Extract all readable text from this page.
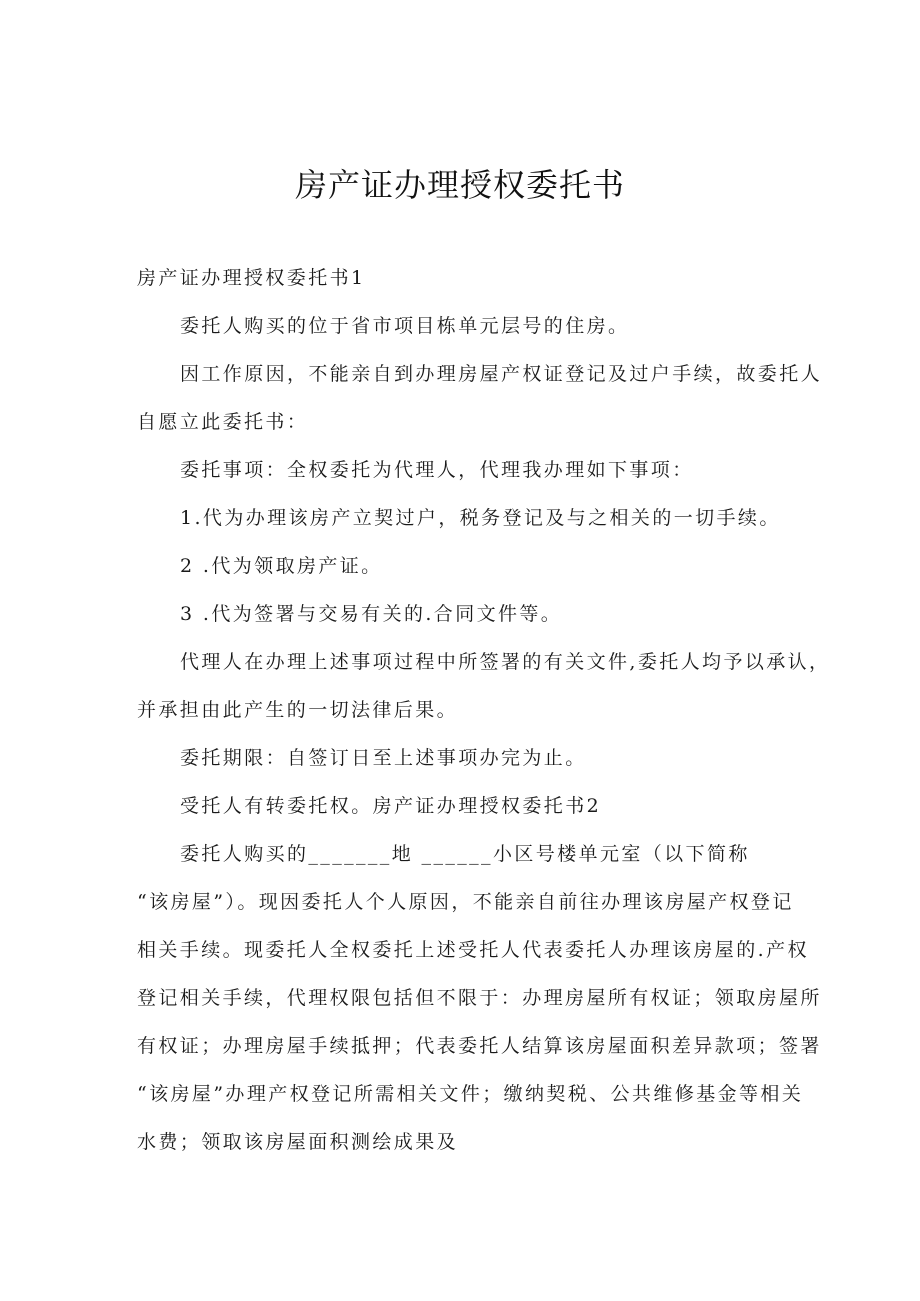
房产证办理授权委托书
房产证办理授权委托书1
委托人购买的位于省市项目栋单元层号的住房。
因工作原因，不能亲自到办理房屋产权证登记及过户手续，故委托人
自愿立此委托书：
委托事项：全权委托为代理人，代理我办理如下事项：
1.代为办理该房产立契过户，税务登记及与之相关的一切手续。
2 .代为领取房产证。
3 .代为签署与交易有关的.合同文件等。
代理人在办理上述事项过程中所签署的有关文件,委托人均予以承认，
并承担由此产生的一切法律后果。
委托期限：自签订日至上述事项办完为止。
受托人有转委托权。房产证办理授权委托书2
委托人购买的_______地 ______小区号楼单元室（以下简称
“该房屋”）。现因委托人个人原因，不能亲自前往办理该房屋产权登记
相关手续。现委托人全权委托上述受托人代表委托人办理该房屋的.产权
登记相关手续，代理权限包括但不限于：办理房屋所有权证；领取房屋所
有权证；办理房屋手续抵押；代表委托人结算该房屋面积差异款项；签署
“该房屋”办理产权登记所需相关文件；缴纳契税、公共维修基金等相关
水费；领取该房屋面积测绘成果及
